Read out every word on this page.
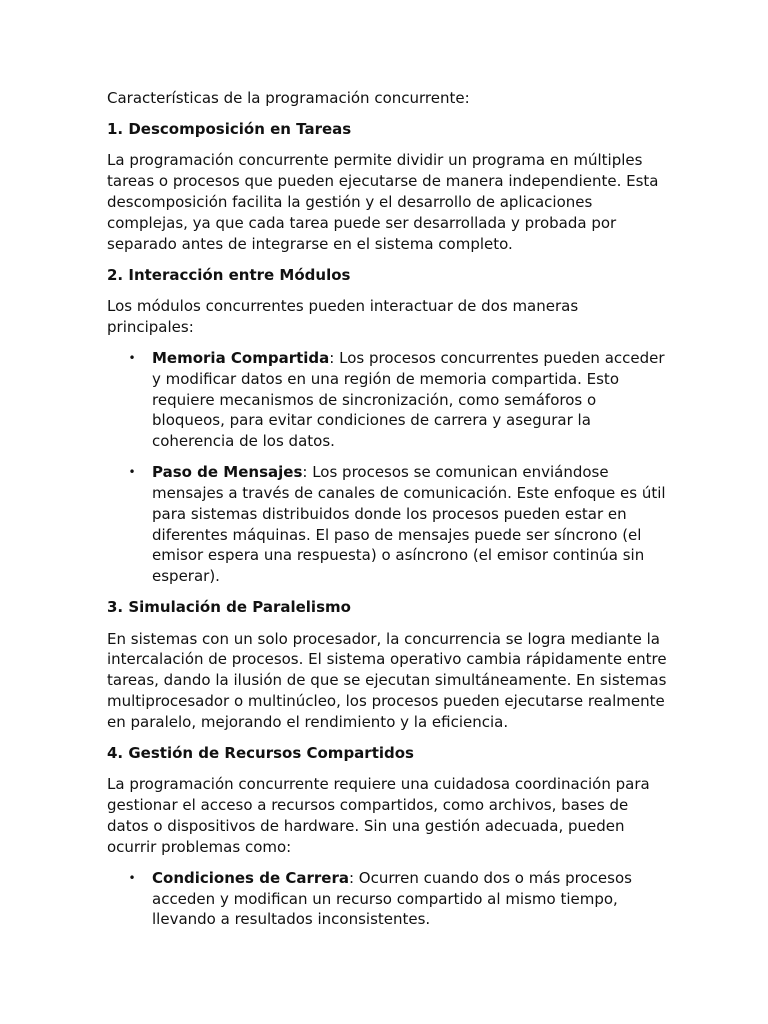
Características de la programación concurrente:

1. Descomposición en Tareas

La programación concurrente permite dividir un programa en múltiples tareas o procesos que pueden ejecutarse de manera independiente. Esta descomposición facilita la gestión y el desarrollo de aplicaciones complejas, ya que cada tarea puede ser desarrollada y probada por separado antes de integrarse en el sistema completo.

2. Interacción entre Módulos

Los módulos concurrentes pueden interactuar de dos maneras principales:

• Memoria Compartida: Los procesos concurrentes pueden acceder y modificar datos en una región de memoria compartida. Esto requiere mecanismos de sincronización, como semáforos o bloqueos, para evitar condiciones de carrera y asegurar la coherencia de los datos.
• Paso de Mensajes: Los procesos se comunican enviándose mensajes a través de canales de comunicación. Este enfoque es útil para sistemas distribuidos donde los procesos pueden estar en diferentes máquinas. El paso de mensajes puede ser síncrono (el emisor espera una respuesta) o asíncrono (el emisor continúa sin esperar).

3. Simulación de Paralelismo

En sistemas con un solo procesador, la concurrencia se logra mediante la intercalación de procesos. El sistema operativo cambia rápidamente entre tareas, dando la ilusión de que se ejecutan simultáneamente. En sistemas multiprocesador o multinúcleo, los procesos pueden ejecutarse realmente en paralelo, mejorando el rendimiento y la eficiencia.

4. Gestión de Recursos Compartidos

La programación concurrente requiere una cuidadosa coordinación para gestionar el acceso a recursos compartidos, como archivos, bases de datos o dispositivos de hardware. Sin una gestión adecuada, pueden ocurrir problemas como:

• Condiciones de Carrera: Ocurren cuando dos o más procesos acceden y modifican un recurso compartido al mismo tiempo, llevando a resultados inconsistentes.
